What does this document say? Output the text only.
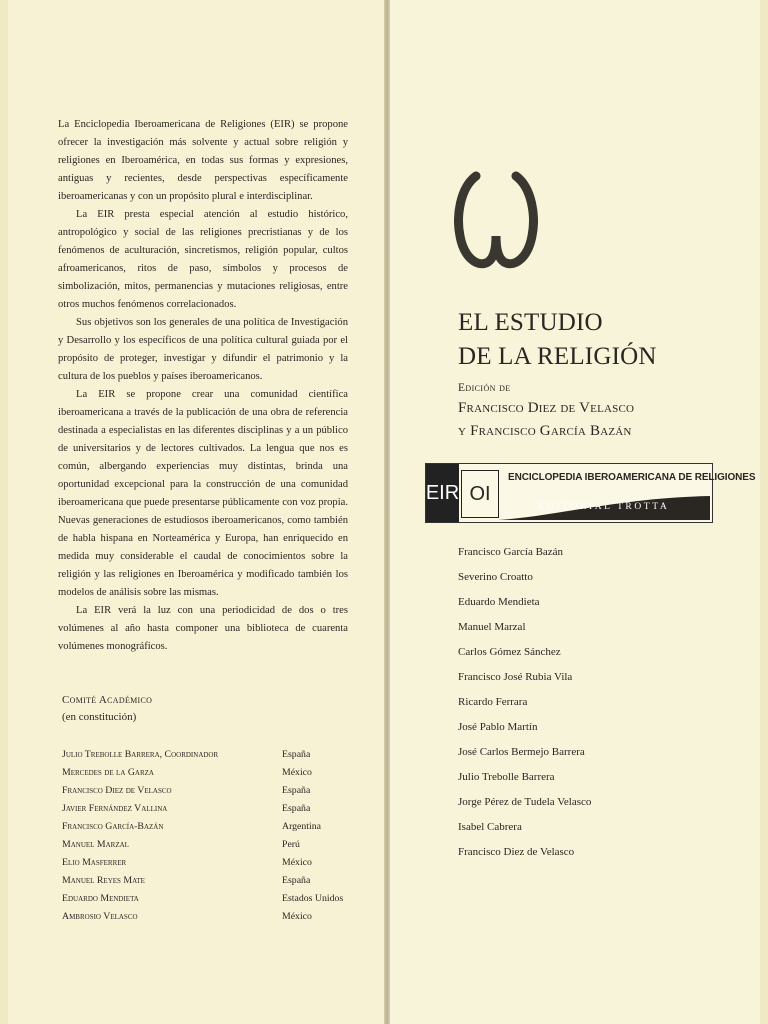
La Enciclopedia Iberoamericana de Religiones (EIR) se propone ofrecer la investigación más solvente y actual sobre religión y religiones en Iberoamérica, en todas sus formas y expresiones, antiguas y recientes, desde perspectivas específicamente iberoamericanas y con un propósito plural e interdisciplinar.

La EIR presta especial atención al estudio histórico, antropológico y social de las religiones precristianas y de los fenómenos de aculturación, sincretismos, religión popular, cultos afroamericanos, ritos de paso, símbolos y procesos de simbolización, mitos, permanencias y mutaciones religiosas, entre otros muchos fenómenos correlacionados.

Sus objetivos son los generales de una política de Investigación y Desarrollo y los específicos de una política cultural guiada por el propósito de proteger, investigar y difundir el patrimonio y la cultura de los pueblos y países iberoamericanos.

La EIR se propone crear una comunidad científica iberoamericana a través de la publicación de una obra de referencia destinada a especialistas en las diferentes disciplinas y a un público de universitarios y de lectores cultivados. La lengua que nos es común, albergando experiencias muy distintas, brinda una oportunidad excepcional para la construcción de una comunidad iberoamericana que puede presentarse públicamente con voz propia. Nuevas generaciones de estudiosos iberoamericanos, como también de habla hispana en Norteamérica y Europa, han enriquecido en medida muy considerable el caudal de conocimientos sobre la religión y las religiones en Iberoamérica y modificado también los modelos de análisis sobre las mismas.

La EIR verá la luz con una periodicidad de dos o tres volúmenes al año hasta componer una biblioteca de cuarenta volúmenes monográficos.

Comité Académico
(en constitución)
Julio Trebolle Barrera, Coordinador	España
Mercedes de la Garza	México
Francisco Diez de Velasco	España
Javier Fernández Vallina	España
Francisco García-Bazán	Argentina
Manuel Marzal	Perú
Elio Masferrer	México
Manuel Reyes Mate	España
Eduardo Mendieta	Estados Unidos
Ambrosio Velasco	México
EL ESTUDIO
DE LA RELIGIÓN
Edición de
Francisco Diez de Velasco
y Francisco García Bazán
EIR OI
ENCICLOPEDIA IBEROAMERICANA DE RELIGIONES
EDITORIAL TROTTA
Francisco García Bazán
Severino Croatto
Eduardo Mendieta
Manuel Marzal
Carlos Gómez Sánchez
Francisco José Rubia Vila
Ricardo Ferrara
José Pablo Martín
José Carlos Bermejo Barrera
Julio Trebolle Barrera
Jorge Pérez de Tudela Velasco
Isabel Cabrera
Francisco Diez de Velasco
